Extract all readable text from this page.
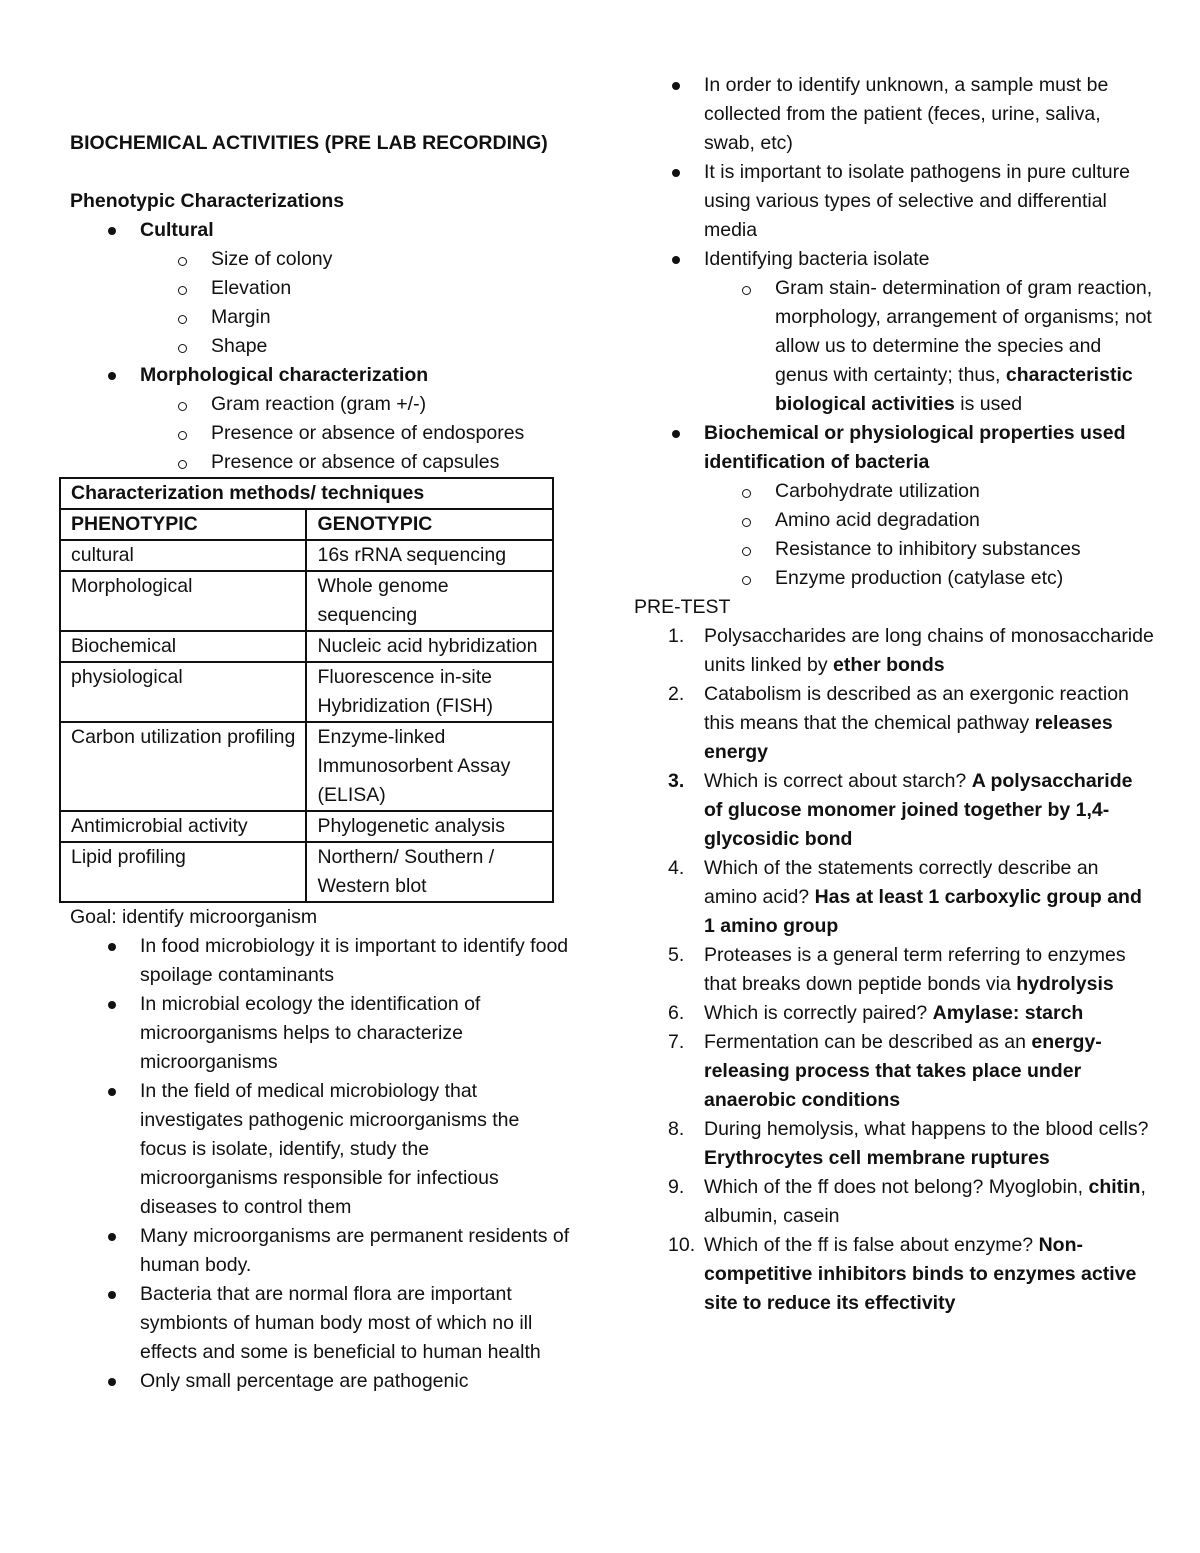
BIOCHEMICAL ACTIVITIES (PRE LAB RECORDING)

Phenotypic Characterizations

Cultural
Size of colony
Elevation
Margin
Shape
Morphological characterization
Gram reaction (gram +/-)
Presence or absence of endospores
Presence or absence of capsules
Characterization methods/ techniques	
PHENOTYPIC	GENOTYPIC
cultural	16s rRNA sequencing
Morphological	Whole genome sequencing
Biochemical	Nucleic acid hybridization
physiological	Fluorescence in-site Hybridization (FISH)
Carbon utilization profiling	Enzyme-linked Immunosorbent Assay (ELISA)
Antimicrobial activity	Phylogenetic analysis
Lipid profiling	Northern/ Southern / Western blot

Goal: identify microorganism

In food microbiology it is important to identify food spoilage contaminants
In microbial ecology the identification of microorganisms helps to characterize microorganisms
In the field of medical microbiology that investigates pathogenic microorganisms the focus is isolate, identify, study the microorganisms responsible for infectious diseases to control them
Many microorganisms are permanent residents of human body.
Bacteria that are normal flora are important symbionts of human body most of which no ill effects and some is beneficial to human health
Only small percentage are pathogenic
In order to identify unknown, a sample must be collected from the patient (feces, urine, saliva, swab, etc)
It is important to isolate pathogens in pure culture using various types of selective and differential media
Identifying bacteria isolate
Gram stain- determination of gram reaction, morphology, arrangement of organisms; not allow us to determine the species and genus with certainty; thus, characteristic biological activities is used
Biochemical or physiological properties used identification of bacteria
Carbohydrate utilization
Amino acid degradation
Resistance to inhibitory substances
Enzyme production (catylase etc)

PRE-TEST

1. Polysaccharides are long chains of monosaccharide units linked by ether bonds
2. Catabolism is described as an exergonic reaction this means that the chemical pathway releases energy
3. Which is correct about starch? A polysaccharide of glucose monomer joined together by 1,4- glycosidic bond
4. Which of the statements correctly describe an amino acid? Has at least 1 carboxylic group and 1 amino group
5. Proteases is a general term referring to enzymes that breaks down peptide bonds via hydrolysis
6. Which is correctly paired? Amylase: starch
7. Fermentation can be described as an energy-releasing process that takes place under anaerobic conditions
8. During hemolysis, what happens to the blood cells? Erythrocytes cell membrane ruptures
9. Which of the ff does not belong? Myoglobin, chitin, albumin, casein
10. Which of the ff is false about enzyme? Non-competitive inhibitors binds to enzymes active site to reduce its effectivity
